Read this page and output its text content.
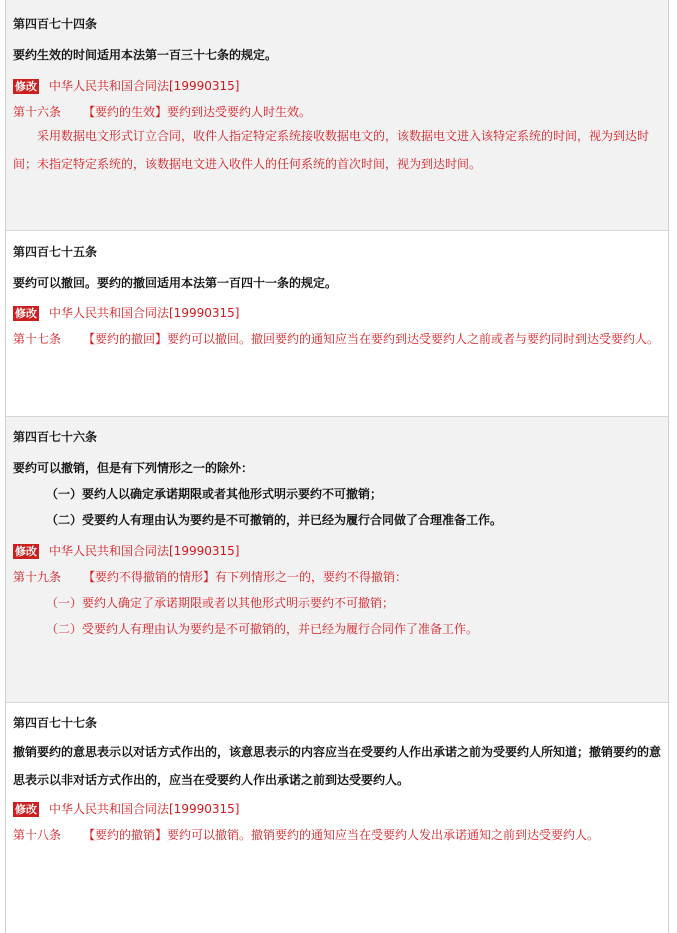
第四百七十四条
要约生效的时间适用本法第一百三十七条的规定。
修改 中华人民共和国合同法[19990315]
第十六条 【要约的生效】要约到达受要约人时生效。
采用数据电文形式订立合同，收件人指定特定系统接收数据电文的，该数据电文进入该特定系统的时间，视为到达时间；未指定特定系统的，该数据电文进入收件人的任何系统的首次时间，视为到达时间。
第四百七十五条
要约可以撤回。要约的撤回适用本法第一百四十一条的规定。
修改 中华人民共和国合同法[19990315]
第十七条 【要约的撤回】要约可以撤回。撤回要约的通知应当在要约到达受要约人之前或者与要约同时到达受要约人。
第四百七十六条
要约可以撤销，但是有下列情形之一的除外：
（一）要约人以确定承诺期限或者其他形式明示要约不可撤销；
（二）受要约人有理由认为要约是不可撤销的，并已经为履行合同做了合理准备工作。
修改 中华人民共和国合同法[19990315]
第十九条 【要约不得撤销的情形】有下列情形之一的，要约不得撤销：
（一）要约人确定了承诺期限或者以其他形式明示要约不可撤销；
（二）受要约人有理由认为要约是不可撤销的，并已经为履行合同作了准备工作。
第四百七十七条
撤销要约的意思表示以对话方式作出的，该意思表示的内容应当在受要约人作出承诺之前为受要约人所知道；撤销要约的意思表示以非对话方式作出的，应当在受要约人作出承诺之前到达受要约人。
修改 中华人民共和国合同法[19990315]
第十八条 【要约的撤销】要约可以撤销。撤销要约的通知应当在受要约人发出承诺通知之前到达受要约人。
